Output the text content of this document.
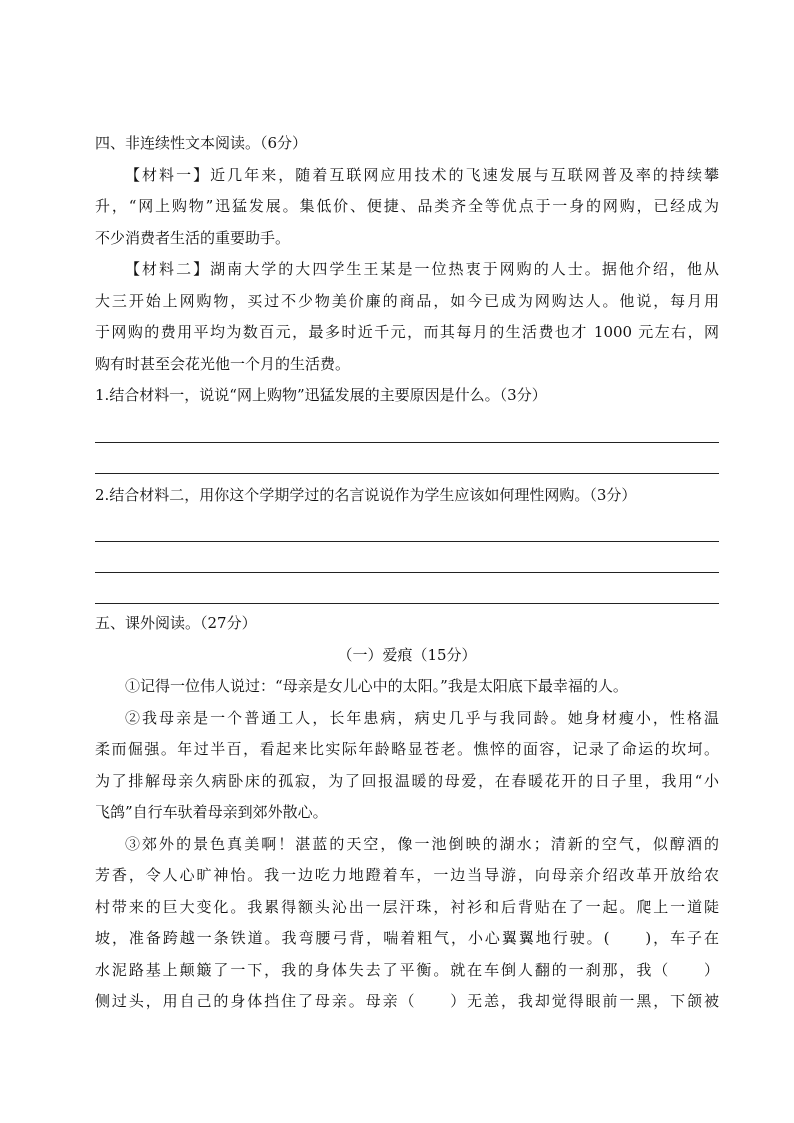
四、非连续性文本阅读。（6分）
【材料一】近几年来，随着互联网应用技术的飞速发展与互联网普及率的持续攀
升，“网上购物”迅猛发展。集低价、便捷、品类齐全等优点于一身的网购，已经成为
不少消费者生活的重要助手。
【材料二】湖南大学的大四学生王某是一位热衷于网购的人士。据他介绍，他从
大三开始上网购物，买过不少物美价廉的商品，如今已成为网购达人。他说，每月用
于网购的费用平均为数百元，最多时近千元，而其每月的生活费也才 1000 元左右，网
购有时甚至会花光他一个月的生活费。
1.结合材料一，说说“网上购物”迅猛发展的主要原因是什么。（3分）
2.结合材料二，用你这个学期学过的名言说说作为学生应该如何理性网购。（3分）
五、课外阅读。（27分）
（一）爱痕（15分）
①记得一位伟人说过：“母亲是女儿心中的太阳。”我是太阳底下最幸福的人。
②我母亲是一个普通工人，长年患病，病史几乎与我同龄。她身材瘦小，性格温
柔而倔强。年过半百，看起来比实际年龄略显苍老。憔悴的面容，记录了命运的坎坷。
为了排解母亲久病卧床的孤寂，为了回报温暖的母爱，在春暖花开的日子里，我用“小
飞鸽”自行车驮着母亲到郊外散心。
③郊外的景色真美啊！湛蓝的天空，像一池倒映的湖水；清新的空气，似醇酒的
芳香，令人心旷神怡。我一边吃力地蹬着车，一边当导游，向母亲介绍改革开放给农
村带来的巨大变化。我累得额头沁出一层汗珠，衬衫和后背贴在了一起。爬上一道陡
坡，准备跨越一条铁道。我弯腰弓背，喘着粗气，小心翼翼地行驶。(　　)，车子在
水泥路基上颠簸了一下，我的身体失去了平衡。就在车倒人翻的一刹那，我（　　）
侧过头，用自己的身体挡住了母亲。母亲（　　）无恙，我却觉得眼前一黑，下颌被
